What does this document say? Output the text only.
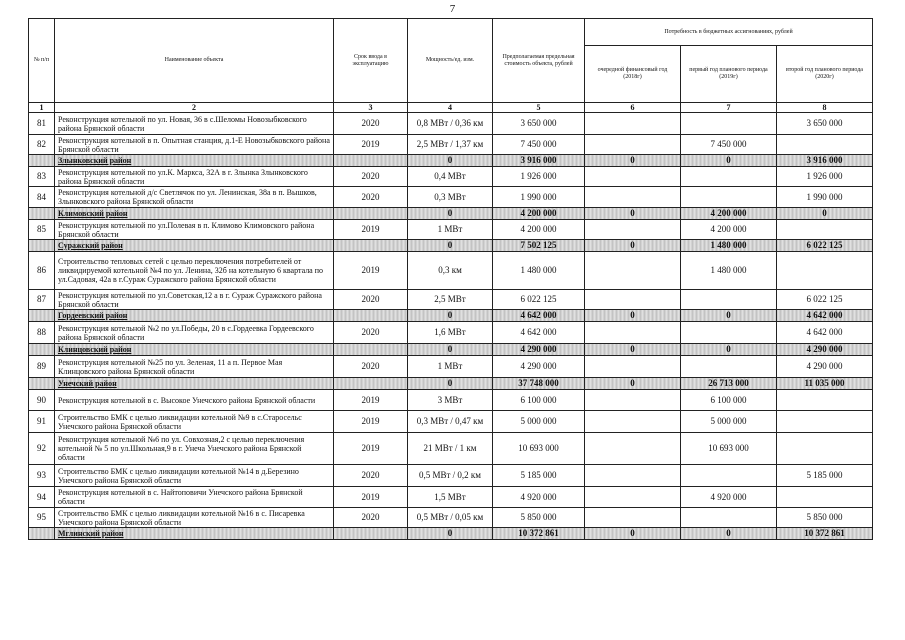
7
№ п/п	Наименование объекта	Срок ввода в эксплуатацию	Мощность/ед. изм.	Предполагаемая предельная стоимость объекта, рублей	Потребность в бюджетных ассигнованиях, рублей		
					очередной финансовый год (2018г)	первый год планового периода (2019г)	второй год планового периода (2020г)
1	2	3	4	5	6	7	8
81	Реконструкция котельной по ул. Новая, 36 в с.Шеломы Новозыбковского района Брянской области	2020	0,8 МВт / 0,36 км	3 650 000			3 650 000
82	Реконструкция котельной в п. Опытная станция, д.1-Е Новозыбковского района Брянской области	2019	2,5 МВт / 1,37 км	7 450 000		7 450 000	
	Злынковский район		0	3 916 000	0	0	3 916 000
83	Реконструкция котельной по ул.К. Маркса, 32А в г. Злынка Злынковского района Брянской области	2020	0,4 МВт	1 926 000			1 926 000
84	Реконструкция котельной д/с Светлячок по ул. Ленинская, 38а в п. Вышков, Злынковского района Брянской области	2020	0,3 МВт	1 990 000			1 990 000
	Климовский район		0	4 200 000	0	4 200 000	0
85	Реконструкция котельной по ул.Полевая в п. Климово Климовского района Брянской области	2019	1 МВт	4 200 000		4 200 000	
	Суражский район		0	7 502 125	0	1 480 000	6 022 125
86	Строительство тепловых сетей с целью переключения потребителей от ликвидируемой котельной №4 по ул. Ленина, 32б на котельную 6 квартала по ул.Садовая, 42а в г.Сураж Суражского района Брянской области	2019	0,3 км	1 480 000		1 480 000	
87	Реконструкция котельной по ул.Советская,12 а в г. Сураж Суражского района Брянской области	2020	2,5 МВт	6 022 125			6 022 125
	Гордеевский район		0	4 642 000	0	0	4 642 000
88	Реконструкция котельной №2 по ул.Победы, 20 в с.Гордеевка Гордеевского района Брянской области	2020	1,6 МВт	4 642 000			4 642 000
	Клинцовский район		0	4 290 000	0	0	4 290 000
89	Реконструкция котельной №25 по ул. Зеленая, 11 а п. Первое Мая Клинцовского района Брянской области	2020	1 МВт	4 290 000			4 290 000
	Унечский район		0	37 748 000	0	26 713 000	11 035 000
90	Реконструкция котельной в с. Высокое Унечского района Брянской области	2019	3 МВт	6 100 000		6 100 000	
91	Строительство БМК с целью ликвидации котельной №9 в с.Старосельс Унечского района Брянской области	2019	0,3 МВт / 0,47 км	5 000 000		5 000 000	
92	Реконструкция котельной №6 по ул. Совхозная,2 с целью переключения котельной № 5 по ул.Школьная,9 в г. Унеча Унечского района Брянской области	2019	21 МВт / 1 км	10 693 000		10 693 000	
93	Строительство БМК с целью ликвидации котельной №14 в д.Березино Унечского района Брянской области	2020	0,5 МВт / 0,2 км	5 185 000			5 185 000
94	Реконструкция котельной в с. Найтоповичи Унечского района Брянской области	2019	1,5 МВт	4 920 000		4 920 000	
95	Строительство БМК с целью ликвидации котельной №16 в с. Писаревка Унечского района Брянской области	2020	0,5 МВт / 0,05 км	5 850 000			5 850 000
	Мглинский район		0	10 372 861	0	0	10 372 861
